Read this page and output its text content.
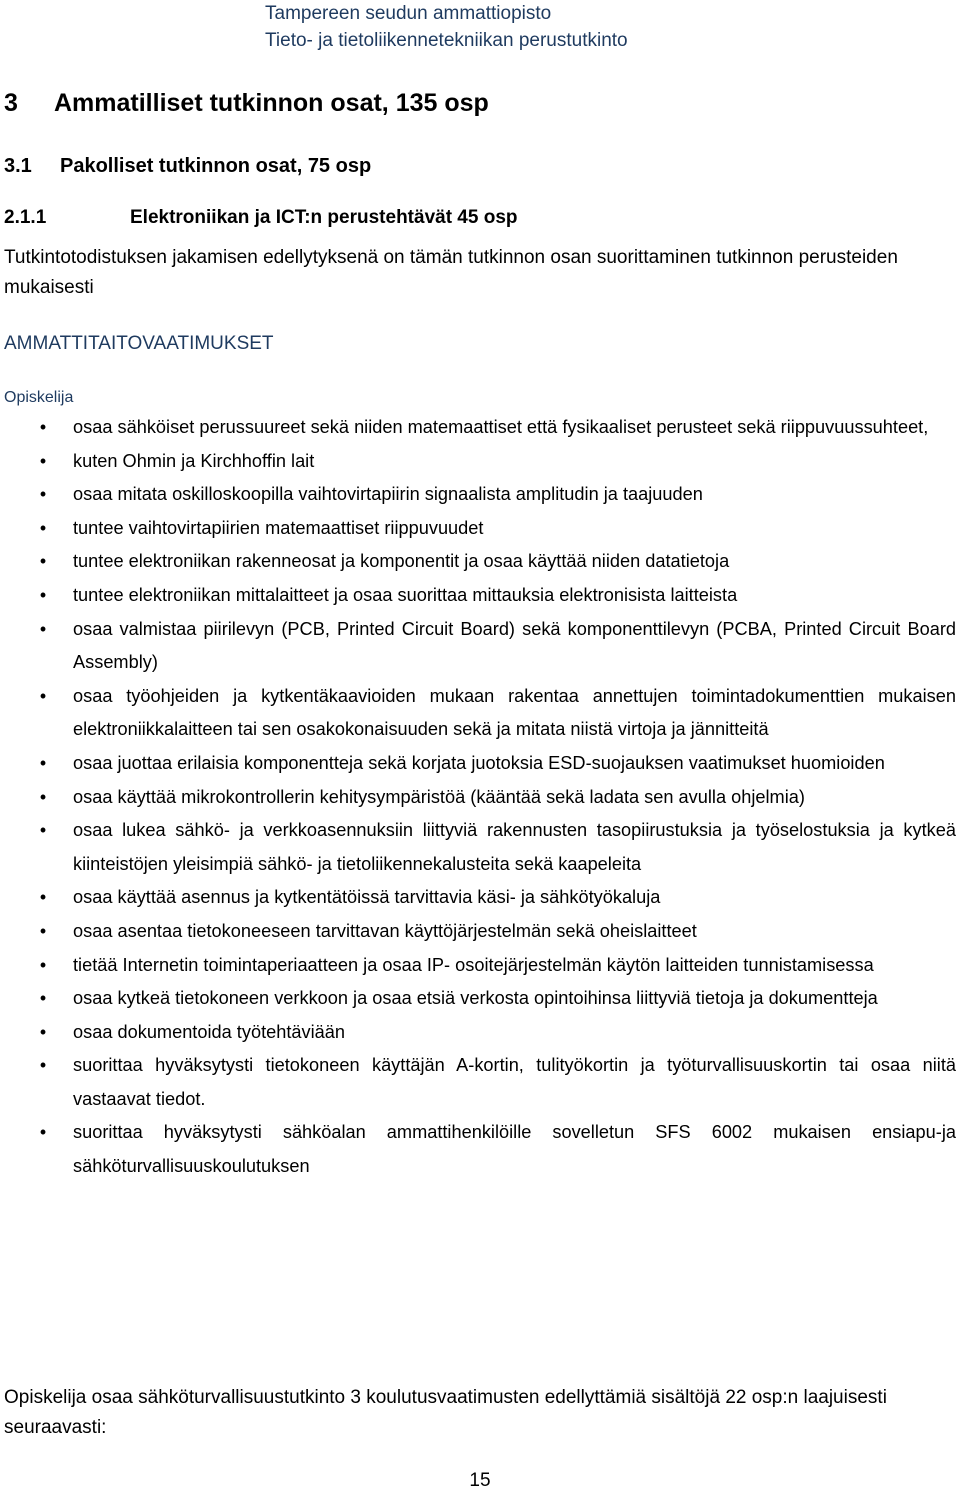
Tampereen seudun ammattiopisto
Tieto- ja tietoliikennetekniikan perustutkinto
3 Ammatilliset tutkinnon osat, 135 osp
3.1 Pakolliset tutkinnon osat, 75 osp
2.1.1	Elektroniikan ja ICT:n perustehtävät 45 osp

Tutkintotodistuksen jakamisen edellytyksenä on tämän tutkinnon osan suorittaminen tutkinnon perusteiden mukaisesti

AMMATTITAITOVAATIMUKSET
Opiskelija
• osaa sähköiset perussuureet sekä niiden matemaattiset että fysikaaliset perusteet sekä riippuvuussuhteet,
• kuten Ohmin ja Kirchhoffin lait
• osaa mitata oskilloskoopilla vaihtovirtapiirin signaalista amplitudin ja taajuuden
• tuntee vaihtovirtapiirien matemaattiset riippuvuudet
• tuntee elektroniikan rakenneosat ja komponentit ja osaa käyttää niiden datatietoja
• tuntee elektroniikan mittalaitteet ja osaa suorittaa mittauksia elektronisista laitteista
• osaa valmistaa piirilevyn (PCB, Printed Circuit Board) sekä komponenttilevyn (PCBA, Printed Circuit Board Assembly)
• osaa työohjeiden ja kytkentäkaavioiden mukaan rakentaa annettujen toimintadokumenttien mukaisen elektroniikkalaitteen tai sen osakokonaisuuden sekä ja mitata niistä virtoja ja jännitteitä
• osaa juottaa erilaisia komponentteja sekä korjata juotoksia ESD-suojauksen vaatimukset huomioiden
• osaa käyttää mikrokontrollerin kehitysympäristöä (kääntää sekä ladata sen avulla ohjelmia)
• osaa lukea sähkö- ja verkkoasennuksiin liittyviä rakennusten tasopiirustuksia ja työselostuksia ja kytkeä kiinteistöjen yleisimpiä sähkö- ja tietoliikennekalusteita sekä kaapeleita
• osaa käyttää asennus ja kytkentätöissä tarvittavia käsi- ja sähkötyökaluja
• osaa asentaa tietokoneeseen tarvittavan käyttöjärjestelmän sekä oheislaitteet
• tietää Internetin toimintaperiaatteen ja osaa IP- osoitejärjestelmän käytön laitteiden tunnistamisessa
• osaa kytkeä tietokoneen verkkoon ja osaa etsiä verkosta opintoihinsa liittyviä tietoja ja dokumentteja
• osaa dokumentoida työtehtäviään
• suorittaa hyväksytysti tietokoneen käyttäjän A-kortin, tulityökortin ja työturvallisuuskortin tai osaa niitä vastaavat tiedot.
• suorittaa hyväksytysti sähköalan ammattihenkilöille sovelletun SFS 6002 mukaisen ensiapu-ja sähköturvallisuuskoulutuksen

Opiskelija osaa sähköturvallisuustutkinto 3 koulutusvaatimusten edellyttämiä sisältöjä 22 osp:n laajuisesti seuraavasti:

15
